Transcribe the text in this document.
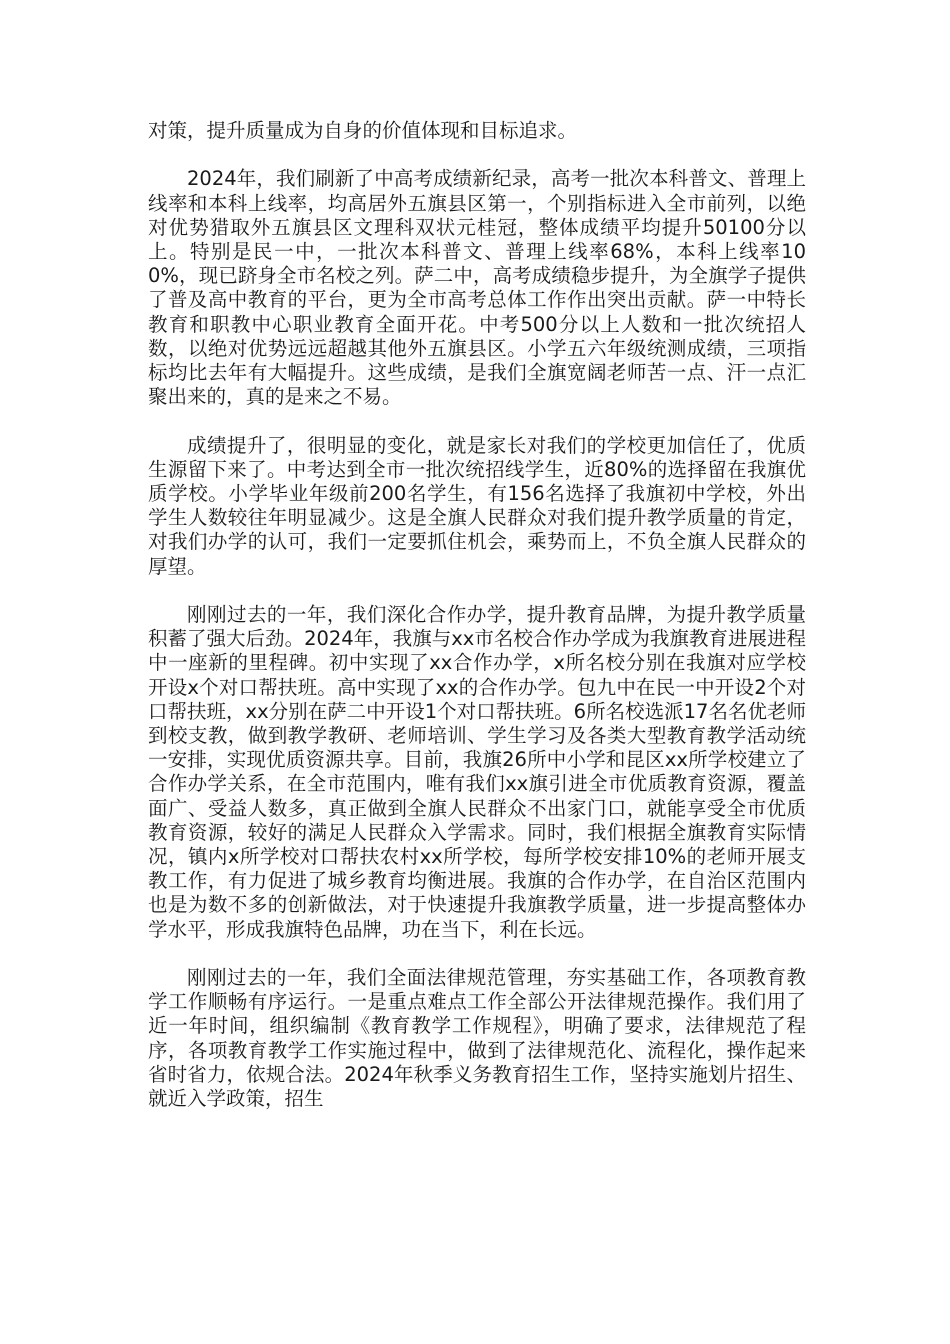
对策，提升质量成为自身的价值体现和目标追求。

2024年，我们刷新了中高考成绩新纪录，高考一批次本科普文、普理上线率和本科上线率，均高居外五旗县区第一，个别指标进入全市前列，以绝对优势猎取外五旗县区文理科双状元桂冠，整体成绩平均提升50100分以上。特别是民一中，一批次本科普文、普理上线率68%，本科上线率100%，现已跻身全市名校之列。萨二中，高考成绩稳步提升，为全旗学子提供了普及高中教育的平台，更为全市高考总体工作作出突出贡献。萨一中特长教育和职教中心职业教育全面开花。中考500分以上人数和一批次统招人数，以绝对优势远远超越其他外五旗县区。小学五六年级统测成绩，三项指标均比去年有大幅提升。这些成绩，是我们全旗宽阔老师苦一点、汗一点汇聚出来的，真的是来之不易。

成绩提升了，很明显的变化，就是家长对我们的学校更加信任了，优质生源留下来了。中考达到全市一批次统招线学生，近80%的选择留在我旗优质学校。小学毕业年级前200名学生，有156名选择了我旗初中学校，外出学生人数较往年明显减少。这是全旗人民群众对我们提升教学质量的肯定，对我们办学的认可，我们一定要抓住机会，乘势而上，不负全旗人民群众的厚望。

刚刚过去的一年，我们深化合作办学，提升教育品牌，为提升教学质量积蓄了强大后劲。2024年，我旗与xx市名校合作办学成为我旗教育进展进程中一座新的里程碑。初中实现了xx合作办学，x所名校分别在我旗对应学校开设x个对口帮扶班。高中实现了xx的合作办学。包九中在民一中开设2个对口帮扶班，xx分别在萨二中开设1个对口帮扶班。6所名校选派17名名优老师到校支教，做到教学教研、老师培训、学生学习及各类大型教育教学活动统一安排，实现优质资源共享。目前，我旗26所中小学和昆区xx所学校建立了合作办学关系，在全市范围内，唯有我们xx旗引进全市优质教育资源，覆盖面广、受益人数多，真正做到全旗人民群众不出家门口，就能享受全市优质教育资源，较好的满足人民群众入学需求。同时，我们根据全旗教育实际情况，镇内x所学校对口帮扶农村xx所学校，每所学校安排10%的老师开展支教工作，有力促进了城乡教育均衡进展。我旗的合作办学，在自治区范围内也是为数不多的创新做法，对于快速提升我旗教学质量，进一步提高整体办学水平，形成我旗特色品牌，功在当下，利在长远。

刚刚过去的一年，我们全面法律规范管理，夯实基础工作，各项教育教学工作顺畅有序运行。一是重点难点工作全部公开法律规范操作。我们用了近一年时间，组织编制《教育教学工作规程》，明确了要求，法律规范了程序，各项教育教学工作实施过程中，做到了法律规范化、流程化，操作起来省时省力，依规合法。2024年秋季义务教育招生工作，坚持实施划片招生、就近入学政策，招生
